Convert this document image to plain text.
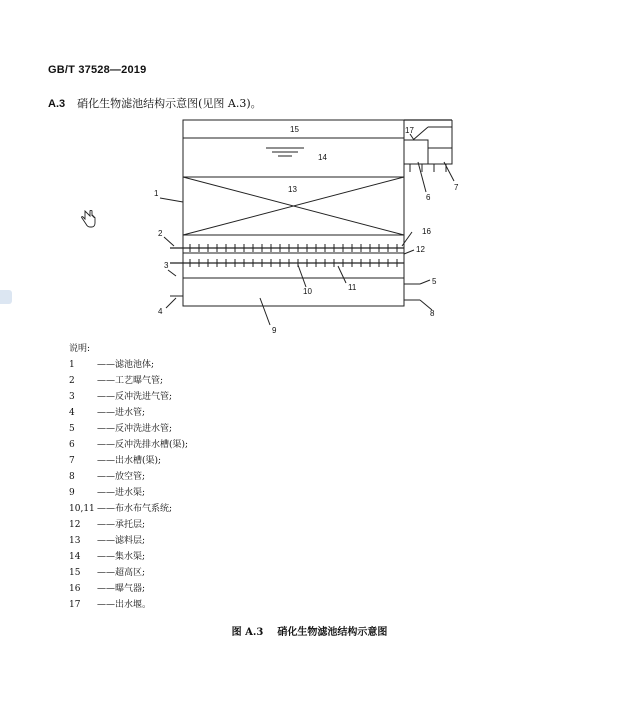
GB/T 37528—2019
A.3 硝化生物滤池结构示意图(见图 A.3)。
1
2
3
4
5
6
7
8
9
10	11
12
13
14
15
16
17
说明:
1	—— 滤池池体;
2	—— 工艺曝气管;
3	—— 反冲洗进气管;
4	—— 进水管;
5	—— 反冲洗进水管;
6	—— 反冲洗排水槽(渠);
7	—— 出水槽(渠);
8	—— 放空管;
9	—— 进水渠;
10,11 —— 布水布气系统;
12	—— 承托层;
13	—— 滤料层;
14	—— 集水渠;
15	—— 超高区;
16	—— 曝气器;
17	—— 出水堰。
图 A.3 硝化生物滤池结构示意图
